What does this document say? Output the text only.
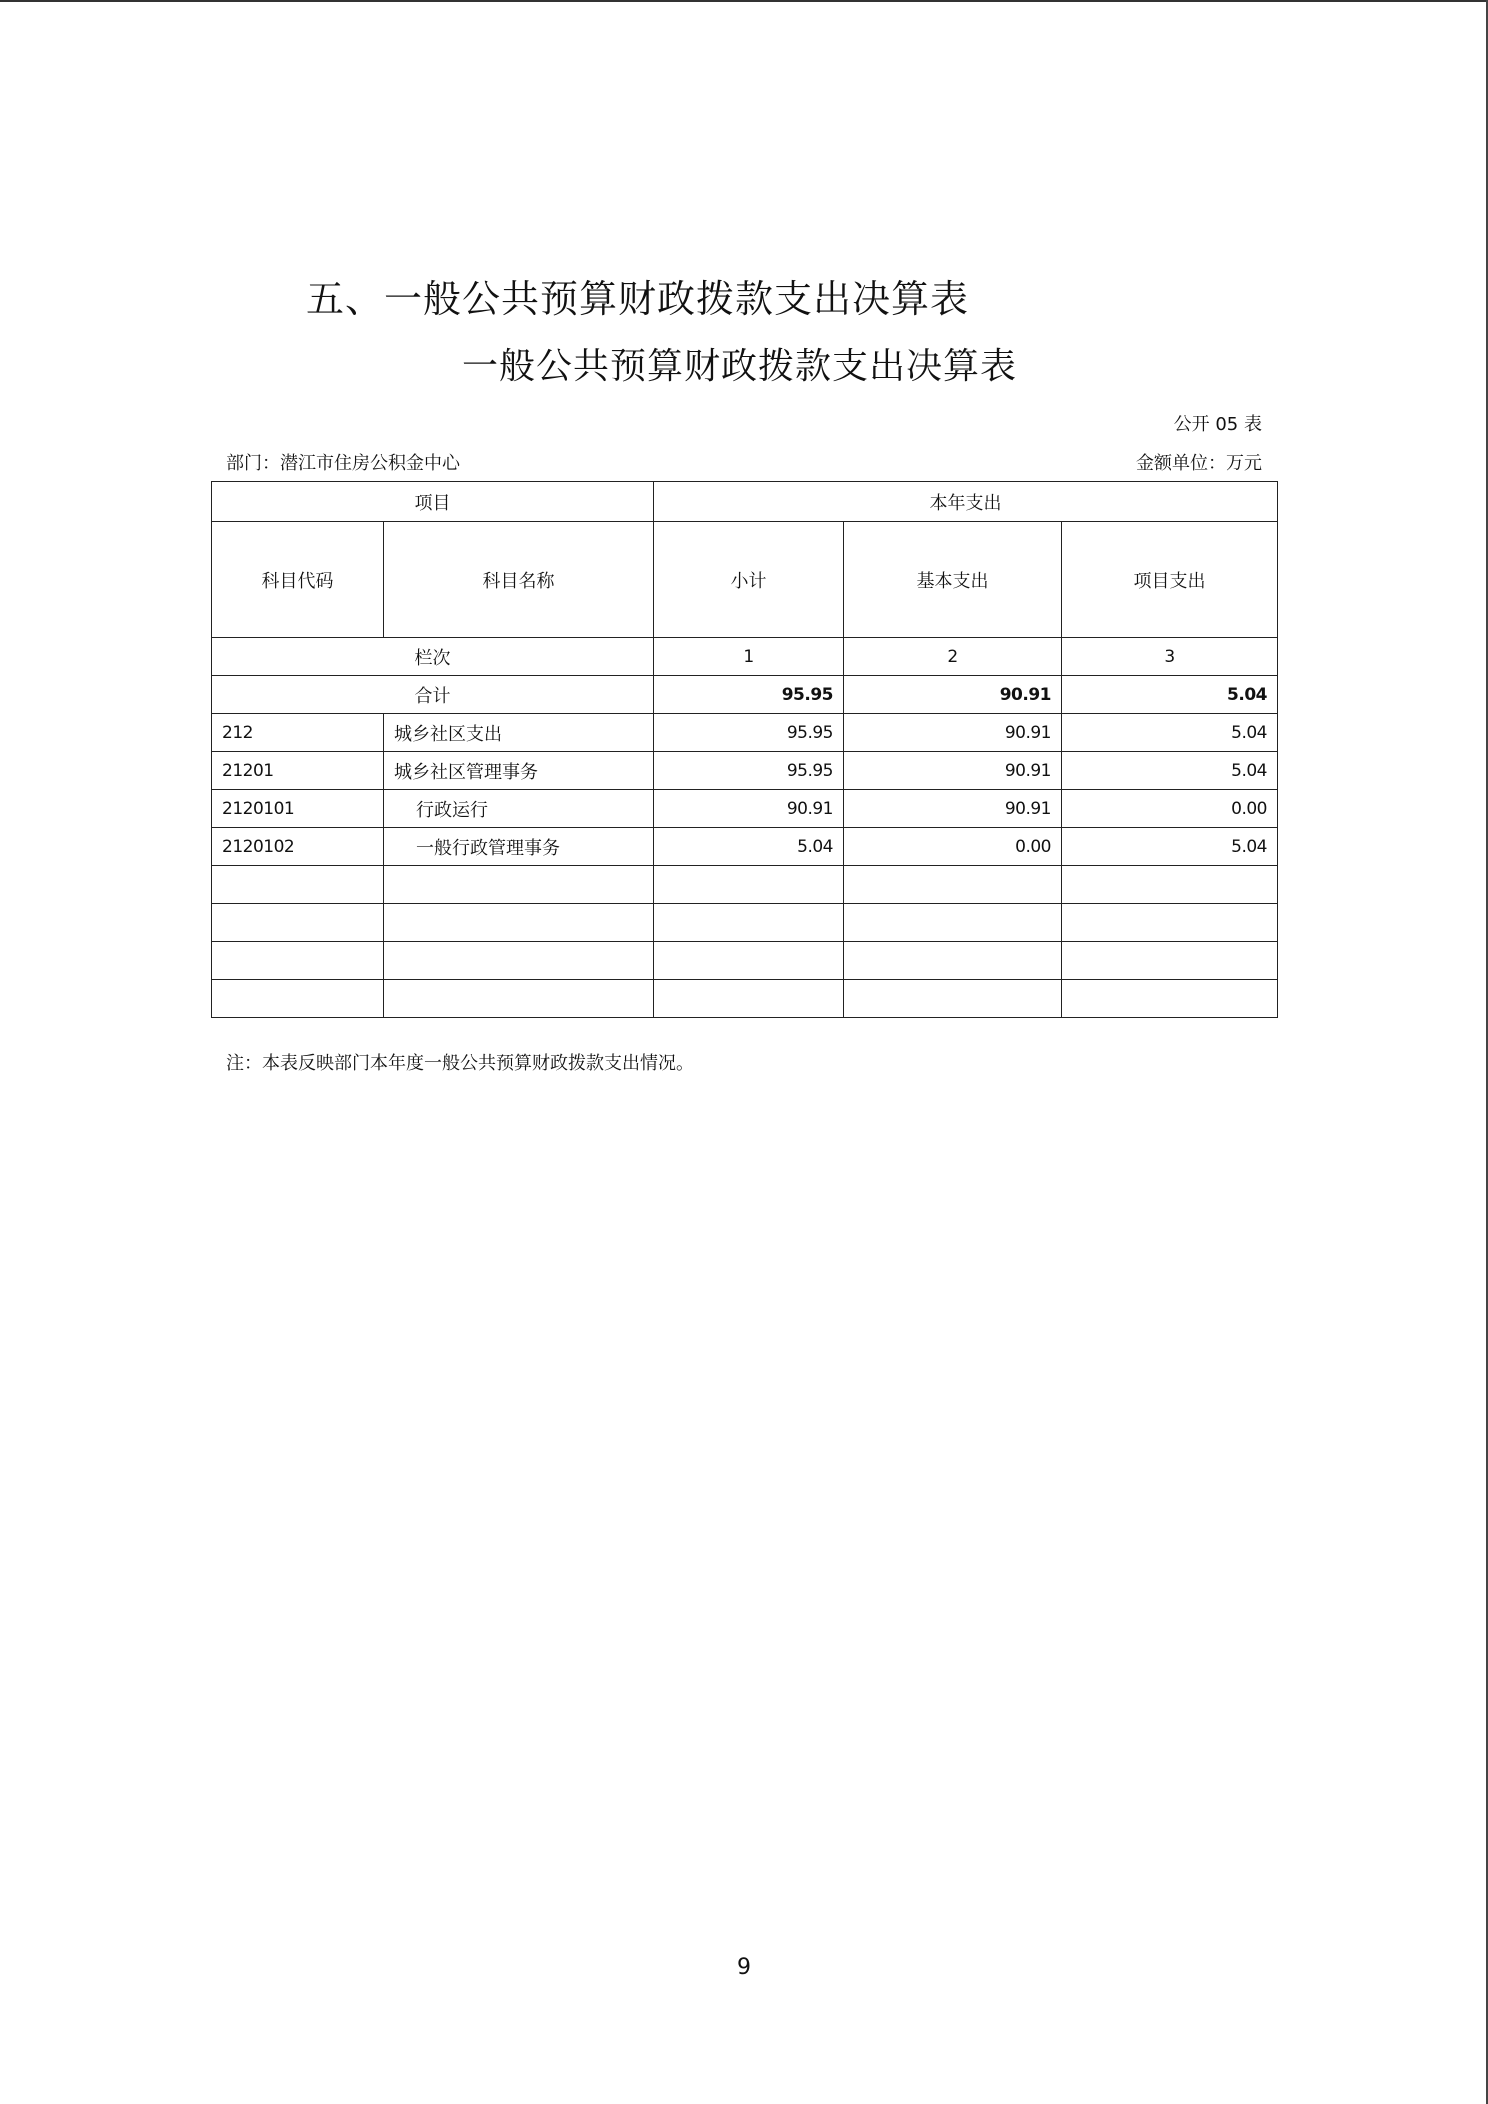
五、一般公共预算财政拨款支出决算表
一般公共预算财政拨款支出决算表
公开 05 表
部门：潜江市住房公积金中心	金额单位：万元
项目		本年支出		
科目代码	科目名称	小计	基本支出	项目支出
栏次		1	2	3
合计		95.95	90.91	5.04
212	城乡社区支出	95.95	90.91	5.04
21201	城乡社区管理事务	95.95	90.91	5.04
2120101	行政运行	90.91	90.91	0.00
2120102	一般行政管理事务	5.04	0.00	5.04

注：本表反映部门本年度一般公共预算财政拨款支出情况。
9
